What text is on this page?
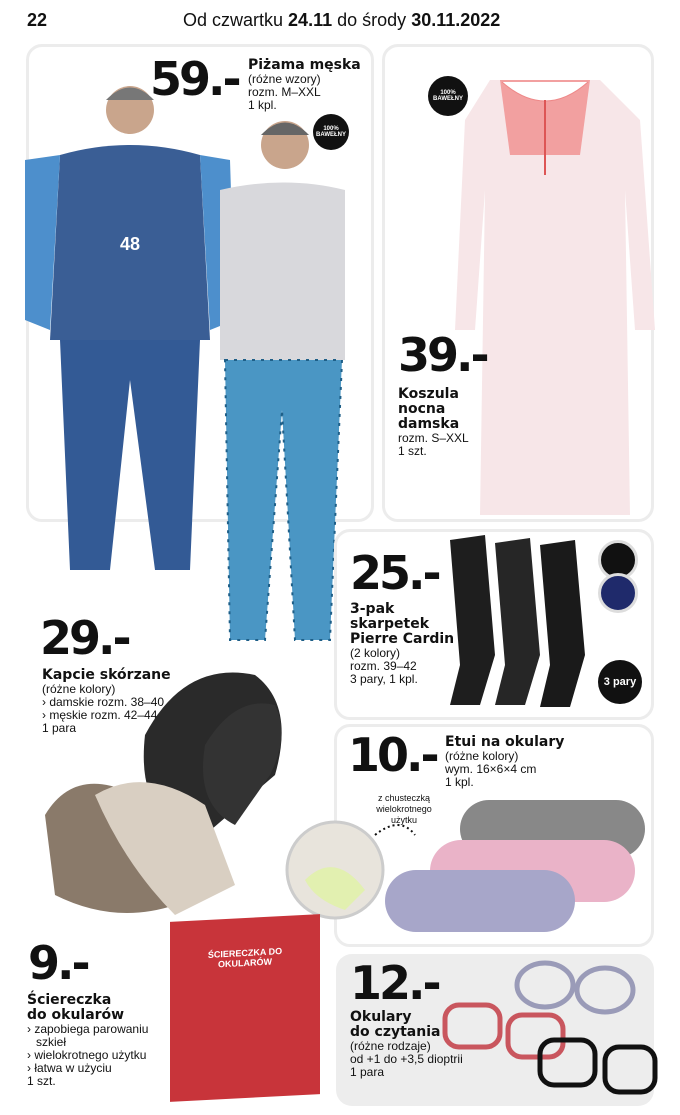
22	Od czwartku 24.11 do środy 30.11.2022
48
59.- Piżama męska
(różne wzory)
rozm. M–XXL
1 kpl.
100% BAWEŁNY
100% BAWEŁNY
39.-
Koszula
nocna
damska
rozm. S–XXL
1 szt.
3 pary
25.-
3-pak
skarpetek
Pierre Cardin
(2 kolory)
rozm. 39–42
3 pary, 1 kpl.
29.-
Kapcie skórzane
(różne kolory)
› damskie rozm. 38–40
› męskie rozm. 42–44
1 para	10.- Etui na okulary
(różne kolory)
wym. 16×6×4 cm
1 kpl.
z chusteczką wielokrotnego użytku
9.-
Ściereczka
do okularów
› zapobiega parowaniu
szkieł
› wielokrotnego użytku
› łatwa w użyciu
1 szt.
ŚCIERECZKA DO OKULARÓW	12.-
Okulary
do czytania
(różne rodzaje)
od +1 do +3,5 dioptrii
1 para
